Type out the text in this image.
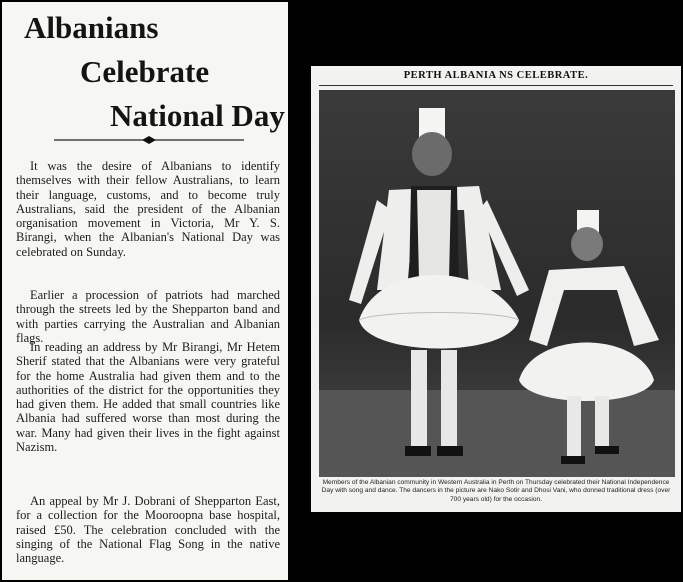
Albanians
Celebrate
National Day

It was the desire of Albanians to identify themselves with their fellow Australians, to learn their language, customs, and to become truly Australians, said the president of the Albanian organisation movement in Victoria, Mr Y. S. Birangi, when the Albanian's National Day was celebrated on Sunday.

Earlier a procession of patriots had marched through the streets led by the Shepparton band and with parties carrying the Australian and Albanian flags.

In reading an address by Mr Birangi, Mr Hetem Sherif stated that the Albanians were very grateful for the home Australia had given them and to the authorities of the district for the opportunities they had given them. He added that small countries like Albania had suffered worse than most during the war. Many had given their lives in the fight against Nazism.

An appeal by Mr J. Dobrani of Shepparton East, for a collection for the Mooroopna base hospital, raised £50. The celebration concluded with the singing of the National Flag Song in the native language.

PERTH ALBANIA NS CELEBRATE.
Members of the Albanian community in Western Australia in Perth on Thursday celebrated their National Independence Day with song and dance. The dancers in the picture are Nako Sotir and Dhosi Vani, who donned traditional dress (over 700 years old) for the occasion.
